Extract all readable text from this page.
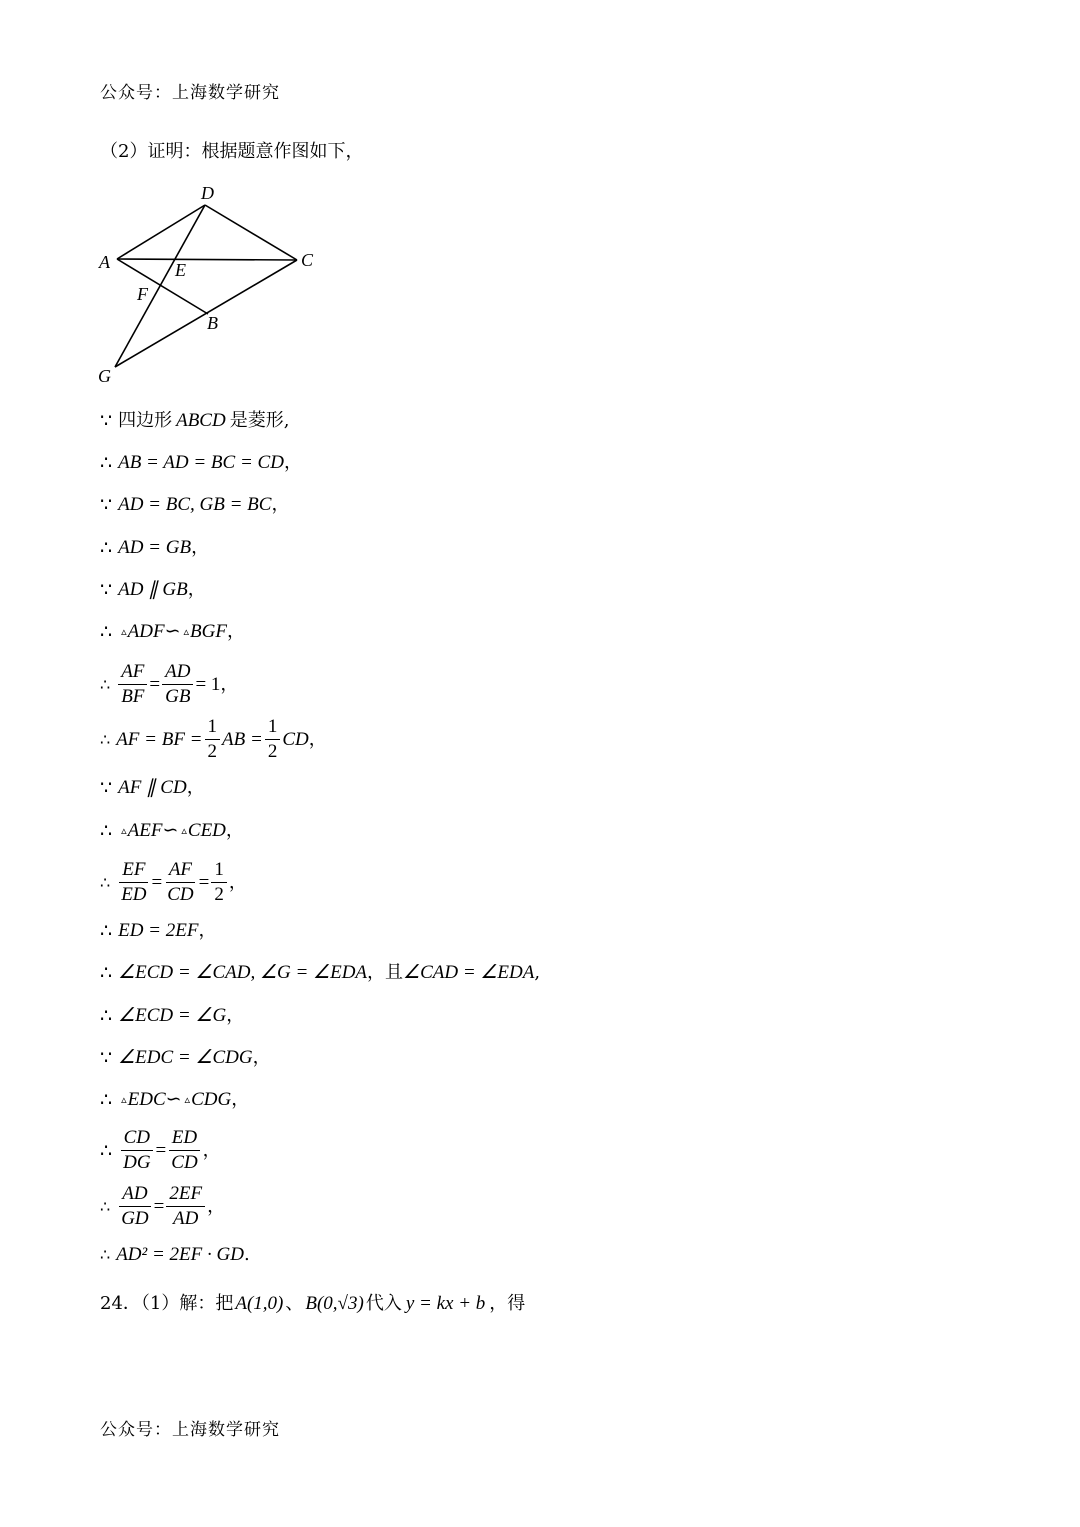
公众号：上海数学研究
（2）证明：根据题意作图如下，
D
A	E	C
F
B
G
∵ 四边形 ABCD 是菱形,
∴ AB = AD = BC = CD ，
∵ AD = BC, GB = BC ，
∴ AD = GB ，
∵ AD ∥ GB ，
∴ ▵ ADF ∽ ▵ BGF ，
∴ $\frac{AF}{BF} = \frac{AD}{GB} = 1$ ，
∴ AF = BF = $\frac{1}{2}$ AB = $\frac{1}{2}$ CD ，
∵ AF ∥ CD ，
∴ ▵ AEF ∽ ▵ CED ，
∴ $\frac{EF}{ED} = \frac{AF}{CD} = \frac{1}{2}$ ，
∴ ED = 2EF ，
∴ ∠ECD = ∠CAD, ∠G = ∠EDA ，且 ∠CAD = ∠EDA ,
∴ ∠ECD = ∠G ，
∵ ∠EDC = ∠CDG ，
∴ ▵ EDC ∽ ▵ CDG ，
∴ $\frac{CD}{DG} = \frac{ED}{CD}$ ，
∴ $\frac{AD}{GD} = \frac{2EF}{AD}$ ，
∴ AD² = 2EF · GD .
24．（1）解：把 A(1,0) 、 B(0,√3) 代入 y = kx + b ，得
公众号：上海数学研究
